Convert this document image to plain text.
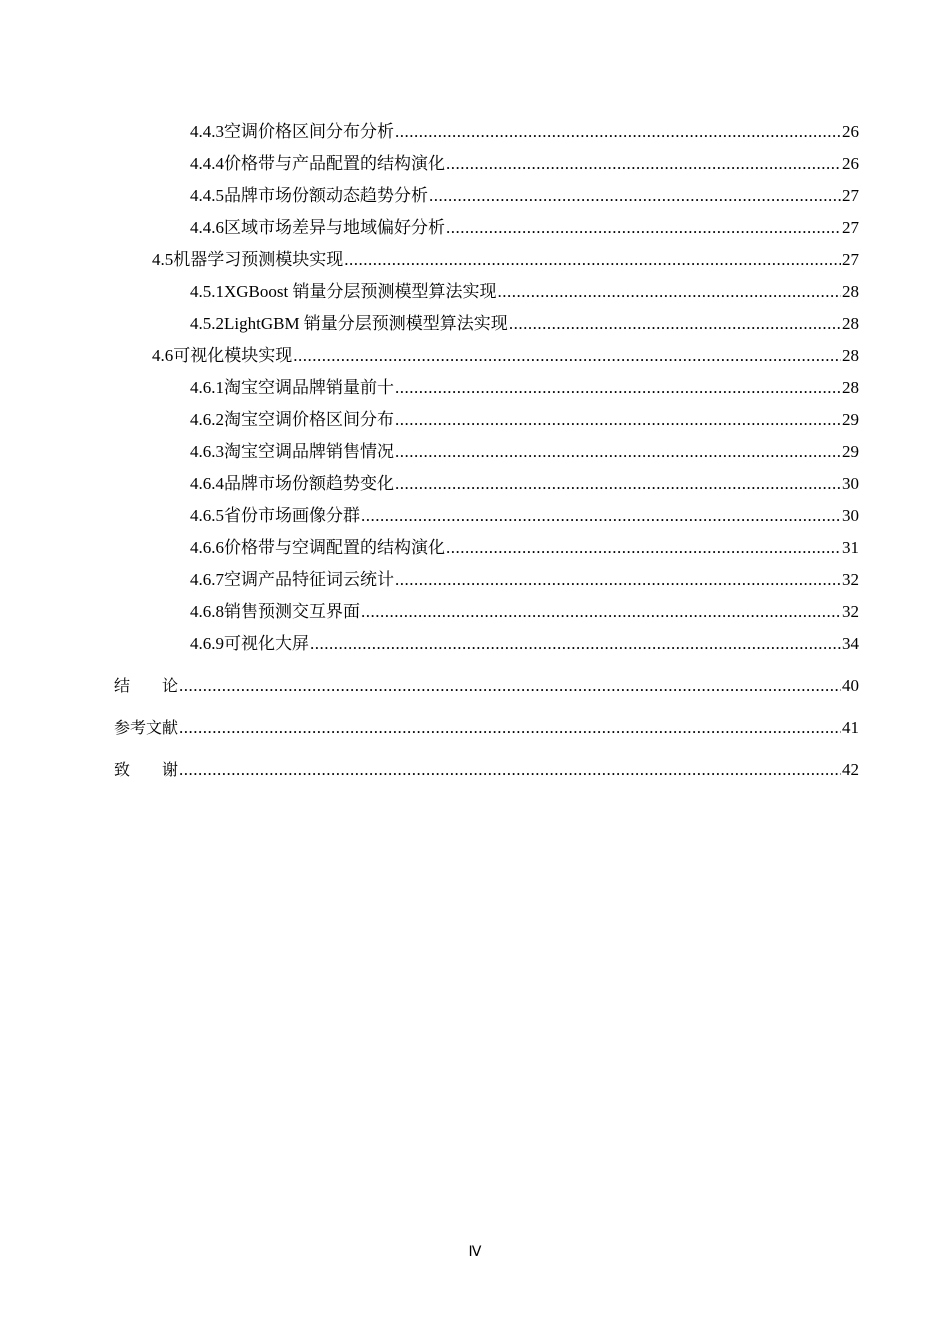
4.4.3 空调价格区间分布分析 .....	26
4.4.4 价格带与产品配置的结构演化 .....	26
4.4.5 品牌市场份额动态趋势分析 .....	27
4.4.6 区域市场差异与地域偏好分析 .....	27
4.5 机器学习预测模块实现 .....	27
4.5.1 XGBoost 销量分层预测模型算法实现 .....	28
4.5.2 LightGBM 销量分层预测模型算法实现 .....	28
4.6 可视化模块实现 .....	28
4.6.1 淘宝空调品牌销量前十 .....	28
4.6.2 淘宝空调价格区间分布 .....	29
4.6.3 淘宝空调品牌销售情况 .....	29
4.6.4 品牌市场份额趋势变化 .....	30
4.6.5 省份市场画像分群 .....	30
4.6.6 价格带与空调配置的结构演化 .....	31
4.6.7 空调产品特征词云统计 .....	32
4.6.8 销售预测交互界面 .....	32
4.6.9 可视化大屏 .....	34
结　　论 .....	40
参考文献 .....	41
致　　谢 .....	42
Ⅳ
